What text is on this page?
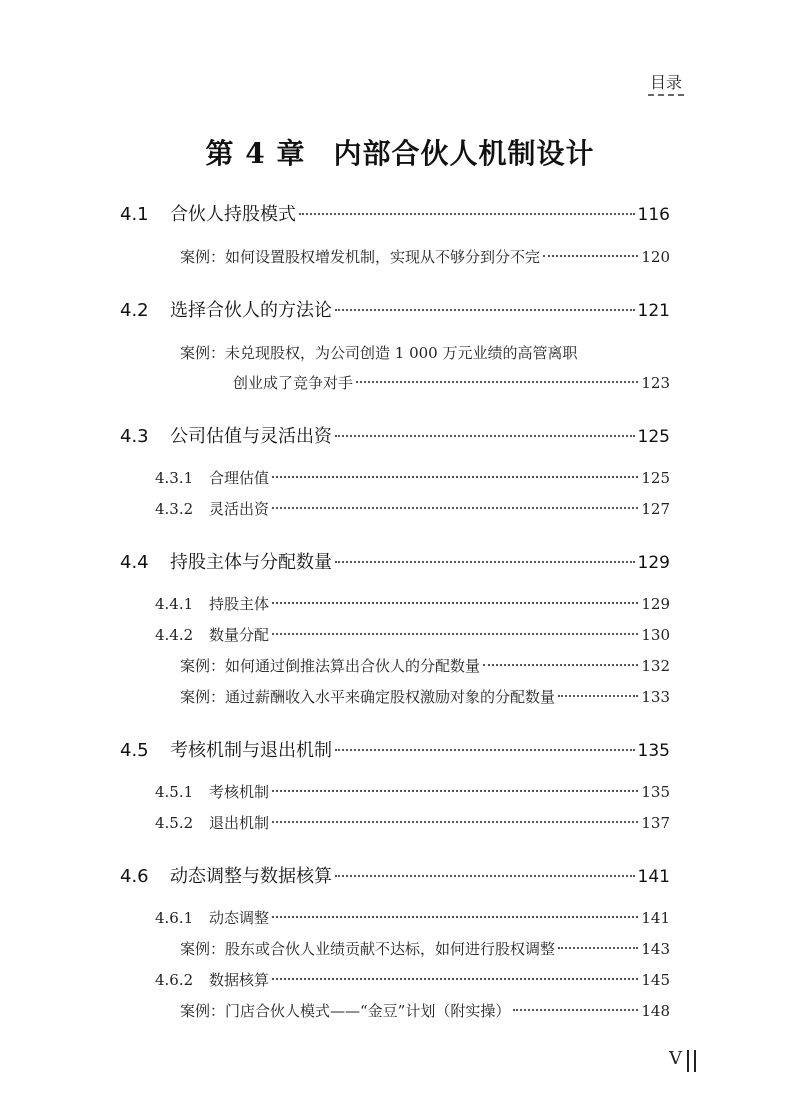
目录
第 4 章 内部合伙人机制设计
4.1	合伙人持股模式	116
案例： 如何设置股权增发机制，实现从不够分到分不完	120
4.2	选择合伙人的方法论	121
案例：未兑现股权，为公司创造 1 000 万元业绩的高管离职
创业成了竞争对手	123
4.3	公司估值与灵活出资	125
4.3.1	合理估值	125
4.3.2	灵活出资	127
4.4	持股主体与分配数量	129
4.4.1	持股主体	129
4.4.2	数量分配	130
案例： 如何通过倒推法算出合伙人的分配数量	132
案例： 通过薪酬收入水平来确定股权激励对象的分配数量	133
4.5	考核机制与退出机制	135
4.5.1	考核机制	135
4.5.2	退出机制	137
4.6	动态调整与数据核算	141
4.6.1	动态调整	141
案例： 股东或合伙人业绩贡献不达标，如何进行股权调整	143
4.6.2	数据核算	145
案例： 门店合伙人模式——“金豆”计划（附实操）	148
V
